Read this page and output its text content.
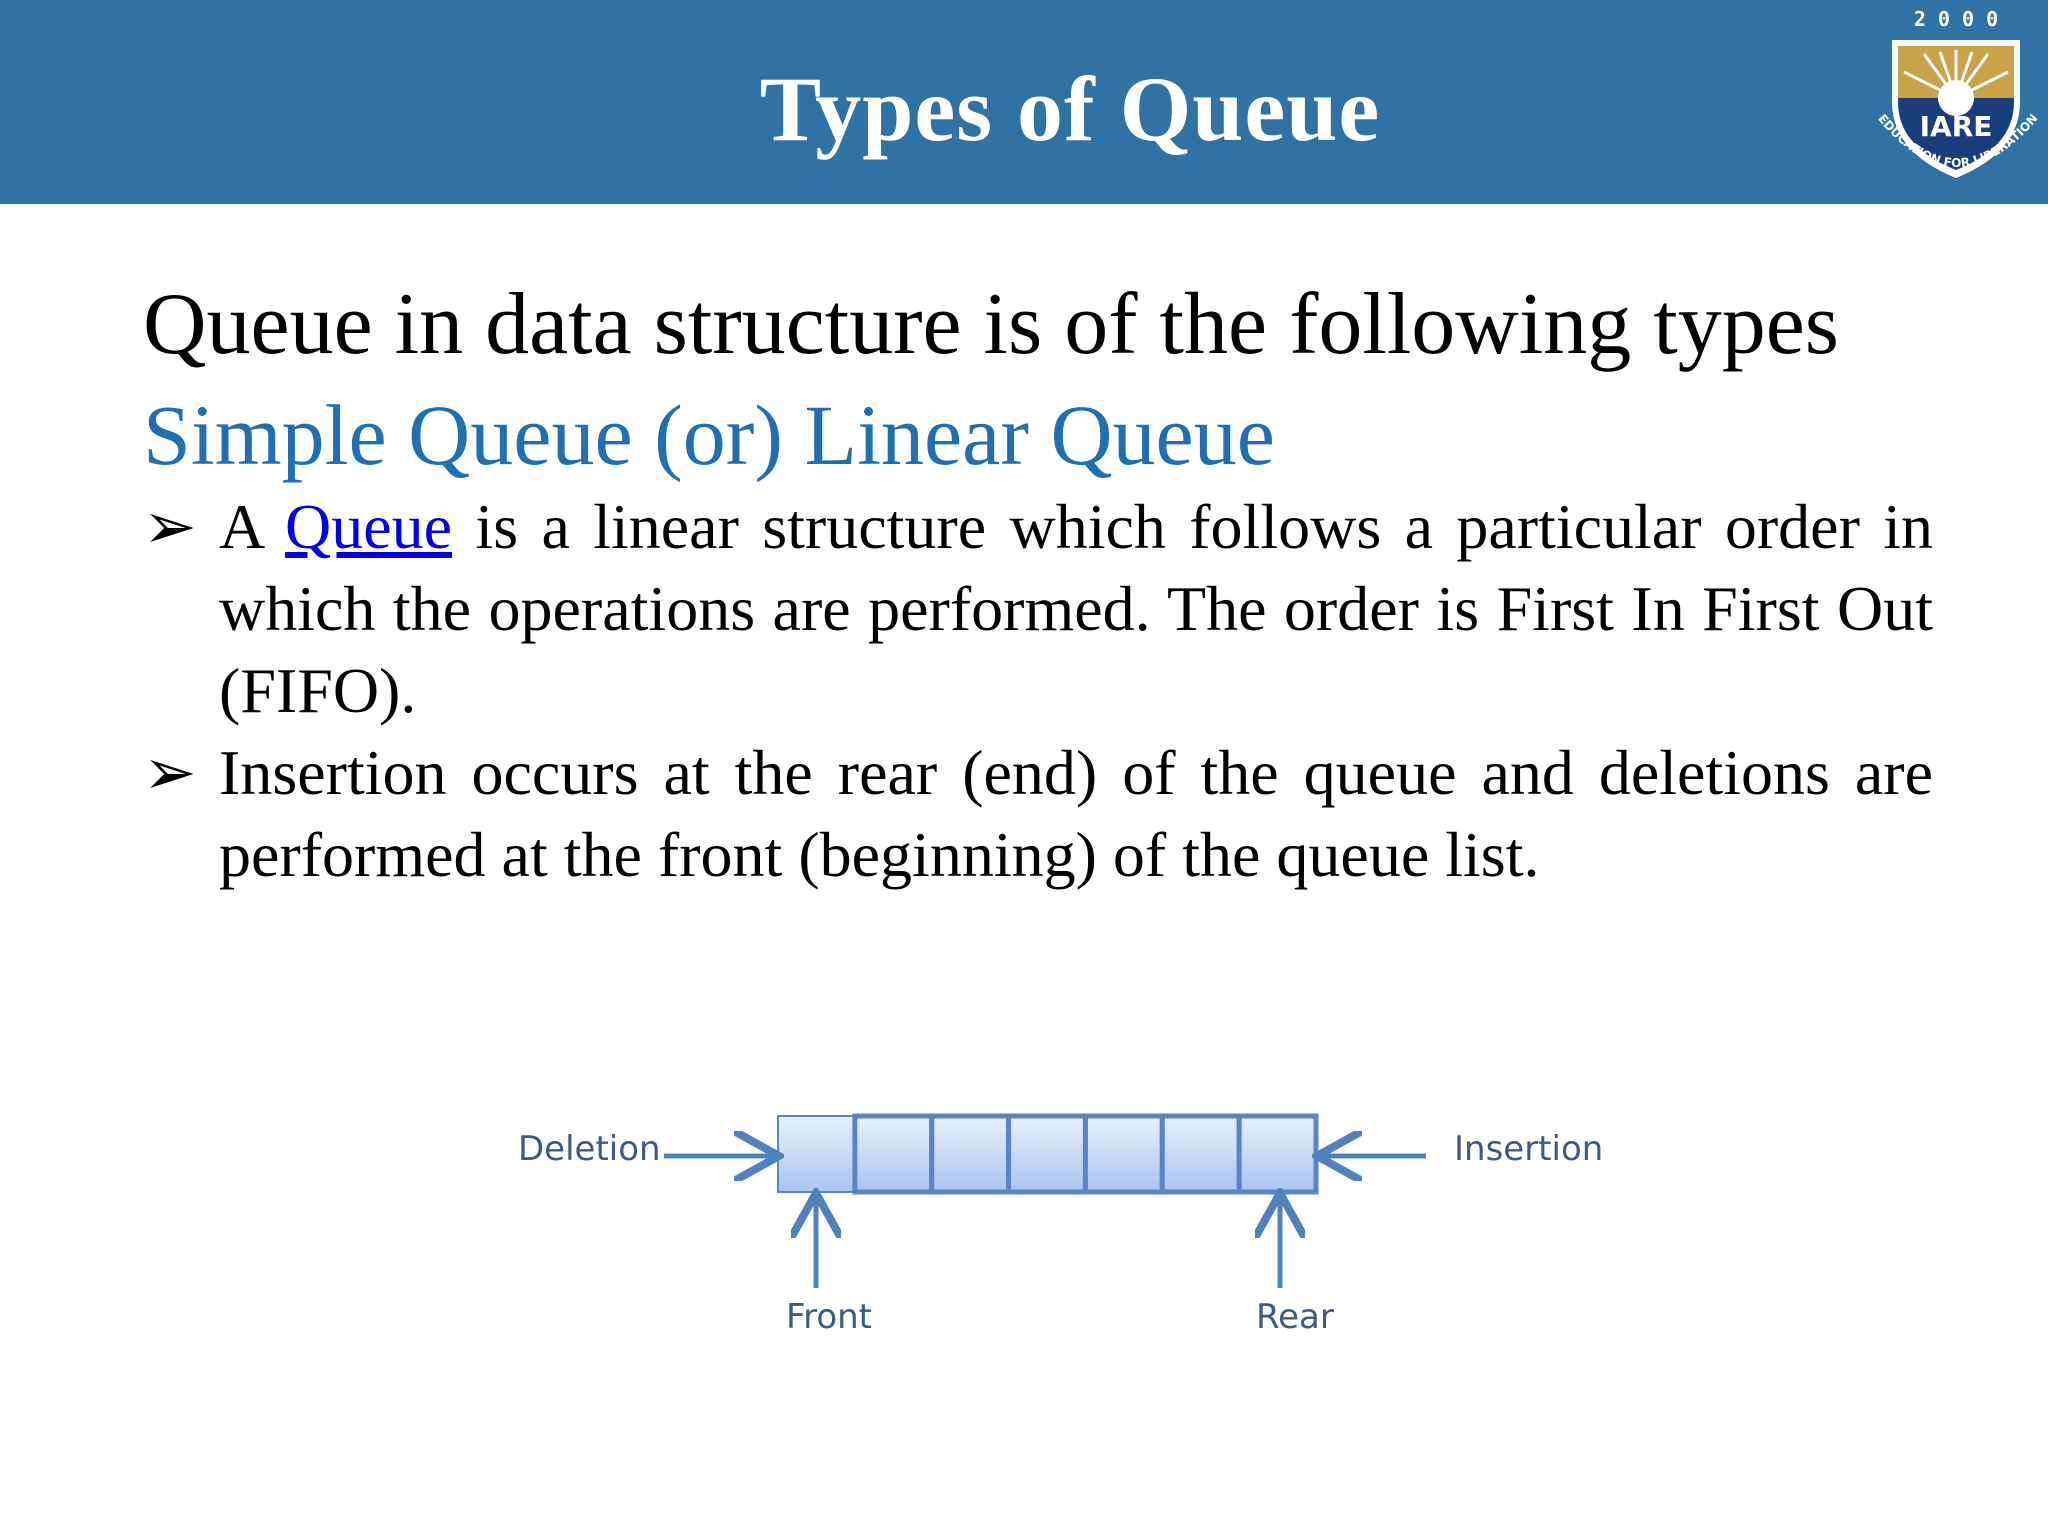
Types of Queue
2 0 0 0
IARE
EDUCATION FOR LIBERATION
Queue in data structure is of the following types
Simple Queue (or) Linear Queue
➢ A Queue is a linear structure which follows a particular order in which the operations are performed. The order is First In First Out (FIFO).
➢ Insertion occurs at the rear (end) of the queue and deletions are performed at the front (beginning) of the queue list.
Deletion	Insertion
Front	Rear
